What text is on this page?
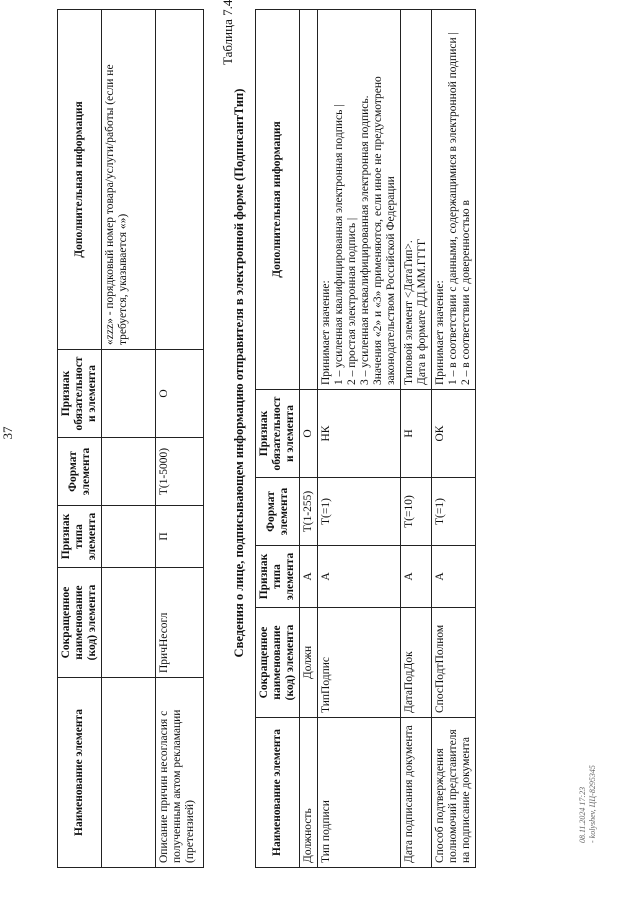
37
Наименование элемента	Сокращенное наименование (код) элемента	Признак типа элемента	Формат элемента	Признак обязательности элемента	Дополнительная информация
					«zzz» - порядковый номер товара/услуги/работы (если не требуется, указывается «»)
Описание причин несогласия с полученным актом рекламации (претензией)	ПричНесогл	П	T(1-5000)	О	
Таблица 7.4
Сведения о лице, подписывающем информацию отправителя в электронной форме (ПодписантТип)
Наименование элемента	Сокращенное наименование (код) элемента	Признак типа элемента	Формат элемента	Признак обязательности элемента	Дополнительная информация
Должность	Должн	А	T(1-255)	О	
Тип подписи	ТипПодпис	А	T(=1)	НК	Принимает значение: 1 – усиленная квалифицированная электронная подпись | 2 – простая электронная подпись | 3 – усиленная неквалифицированная электронная подпись. Значения «2» и «3» применяются, если иное не предусмотрено законодательством Российской Федерации

Дата подписания документа	ДатаПодДок	А	T(=10)	Н	Типовой элемент <ДатаТип>. Дата в формате ДД.ММ.ГГГГ

Способ подтверждения полномочий представителя на подписание документа	СпосПодтПолном	А	T(=1)	ОК	Принимает значение: 1 – в соответствии с данными, содержащимися в электронной подписи | 2 – в соответствии с доверенностью в
08.11.2024 17:23 - kolyshev, ЦЦ-8295345
